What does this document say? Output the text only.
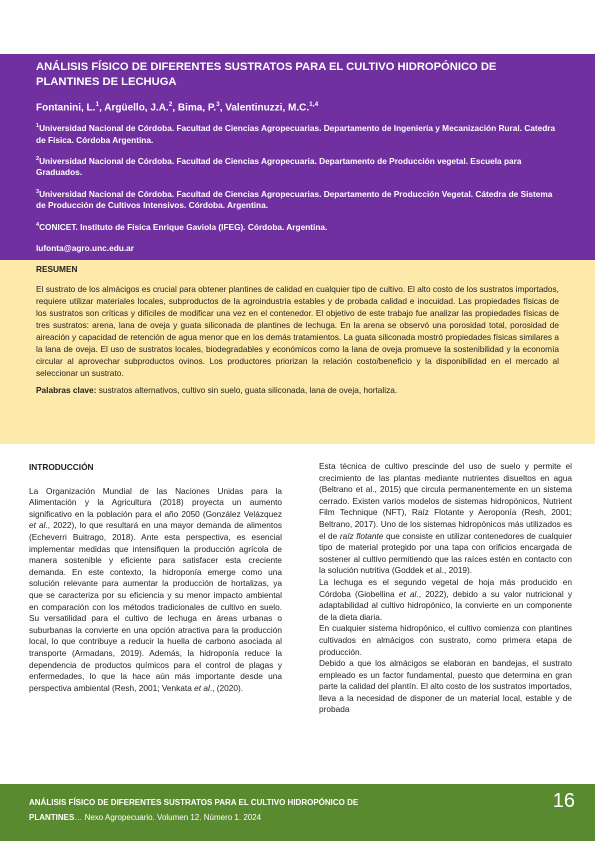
ANÁLISIS FÍSICO DE DIFERENTES SUSTRATOS PARA EL CULTIVO HIDROPÓNICO DE PLANTINES DE LECHUGA
Fontanini, L.$^1$, Argüello, J.A.$^2$, Bima, P.$^3$, Valentinuzzi, M.C.$^{1,4}$
$^1$Universidad Nacional de Córdoba. Facultad de Ciencias Agropecuarias. Departamento de Ingeniería y Mecanización Rural. Catedra de Física. Córdoba Argentina.
$^2$Universidad Nacional de Córdoba. Facultad de Ciencias Agropecuaria. Departamento de Producción vegetal. Escuela para Graduados.
$^3$Universidad Nacional de Córdoba. Facultad de Ciencias Agropecuarias. Departamento de Producción Vegetal. Cátedra de Sistema de Producción de Cultivos Intensivos. Córdoba. Argentina.
$^4$CONICET. Instituto de Física Enrique Gaviola (IFEG). Córdoba. Argentina.
lufonta@agro.unc.edu.ar
RESUMEN
El sustrato de los almácigos es crucial para obtener plantines de calidad en cualquier tipo de cultivo. El alto costo de los sustratos importados, requiere utilizar materiales locales, subproductos de la agroindustria estables y de probada calidad e inocuidad. Las propiedades físicas de los sustratos son críticas y difíciles de modificar una vez en el contenedor. El objetivo de este trabajo fue analizar las propiedades físicas de tres sustratos: arena, lana de oveja y guata siliconada de plantines de lechuga. En la arena se observó una porosidad total, porosidad de aireación y capacidad de retención de agua menor que en los demás tratamientos. La guata siliconada mostró propiedades físicas similares a la lana de oveja. El uso de sustratos locales, biodegradables y económicos como la lana de oveja promueve la sostenibilidad y la economía circular al aprovechar subproductos ovinos. Los productores priorizan la relación costo/beneficio y la disponibilidad en el mercado al seleccionar un sustrato.
Palabras clave: sustratos alternativos, cultivo sin suelo, guata siliconada, lana de oveja, hortaliza.
INTRODUCCIÓN

La Organización Mundial de las Naciones Unidas para la Alimentación y la Agricultura (2018) proyecta un aumento significativo en la población para el año 2050 (González Velázquez et al., 2022), lo que resultará en una mayor demanda de alimentos (Echeverri Buitrago, 2018). Ante esta perspectiva, es esencial implementar medidas que intensifiquen la producción agrícola de manera sostenible y eficiente para satisfacer esta creciente demanda. En este contexto, la hidroponía emerge como una solución relevante para aumentar la producción de hortalizas, ya que se caracteriza por su eficiencia y su menor impacto ambiental en comparación con los métodos tradicionales de cultivo en suelo. Su versatilidad para el cultivo de lechuga en áreas urbanas o suburbanas la convierte en una opción atractiva para la producción local, lo que contribuye a reducir la huella de carbono asociada al transporte (Armadans, 2019). Además, la hidroponía reduce la dependencia de productos químicos para el control de plagas y enfermedades, lo que la hace aún más importante desde una perspectiva ambiental (Resh, 2001; Venkata et al., (2020).

Esta técnica de cultivo prescinde del uso de suelo y permite el crecimiento de las plantas mediante nutrientes disueltos en agua (Beltrano et al., 2015) que circula permanentemente en un sistema cerrado. Existen varios modelos de sistemas hidropónicos, Nutrient Film Technique (NFT), Raíz Flotante y Aeroponía (Resh, 2001; Beltrano, 2017). Uno de los sistemas hidropónicos más utilizados es el de raíz flotante que consiste en utilizar contenedores de cualquier tipo de material protegido por una tapa con orificios encargada de sostener al cultivo permitiendo que las raíces estén en contacto con la solución nutritiva (Goddek et al., 2019).

La lechuga es el segundo vegetal de hoja más producido en Córdoba (Giobellina et al., 2022), debido a su valor nutricional y adaptabilidad al cultivo hidropónico, la convierte en un componente de la dieta diaria.

En cualquier sistema hidropónico, el cultivo comienza con plantines cultivados en almácigos con sustrato, como primera etapa de producción.

Debido a que los almácigos se elaboran en bandejas, el sustrato empleado es un factor fundamental, puesto que determina en gran parte la calidad del plantín. El alto costo de los sustratos importados, lleva a la necesidad de disponer de un material local, estable y de probada

ANÁLISIS FÍSICO DE DIFERENTES SUSTRATOS PARA EL CULTIVO HIDROPÓNICO DE
PLANTINES… Nexo Agropecuario. Volumen 12. Número 1. 2024
16
